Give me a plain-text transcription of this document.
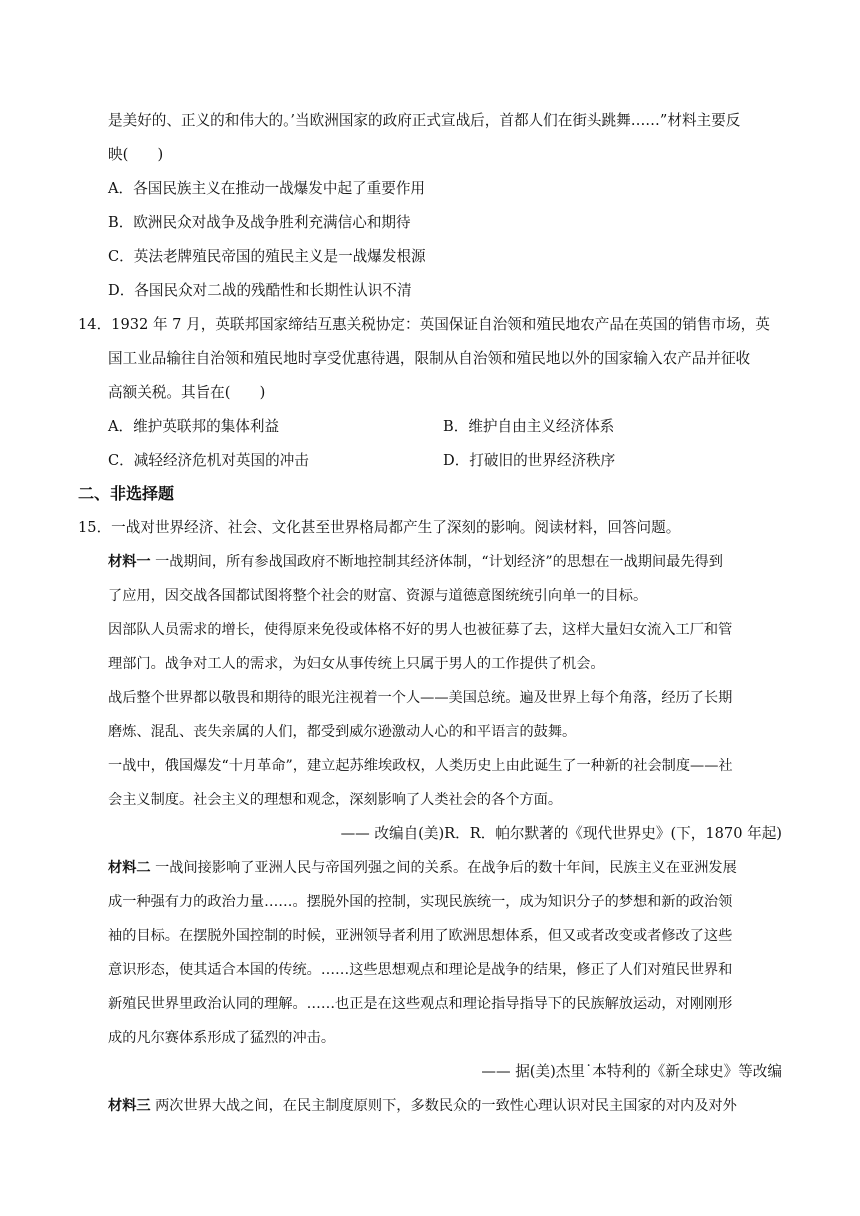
是美好的、正义的和伟大的。’当欧洲国家的政府正式宣战后，首都人们在街头跳舞……”材料主要反
映(　　)
A．各国民族主义在推动一战爆发中起了重要作用
B．欧洲民众对战争及战争胜利充满信心和期待
C．英法老牌殖民帝国的殖民主义是一战爆发根源
D．各国民众对二战的残酷性和长期性认识不清
14．1932 年 7 月，英联邦国家缔结互惠关税协定：英国保证自治领和殖民地农产品在英国的销售市场，英
国工业品输往自治领和殖民地时享受优惠待遇，限制从自治领和殖民地以外的国家输入农产品并征收
高额关税。其旨在(　　)
A．维护英联邦的集体利益	B．维护自由主义经济体系
C．减轻经济危机对英国的冲击	D．打破旧的世界经济秩序
二、非选择题
15．一战对世界经济、社会、文化甚至世界格局都产生了深刻的影响。阅读材料，回答问题。
材料一 一战期间，所有参战国政府不断地控制其经济体制，“计划经济”的思想在一战期间最先得到
了应用，因交战各国都试图将整个社会的财富、资源与道德意图统统引向单一的目标。
因部队人员需求的增长，使得原来免役或体格不好的男人也被征募了去，这样大量妇女流入工厂和管
理部门。战争对工人的需求，为妇女从事传统上只属于男人的工作提供了机会。
战后整个世界都以敬畏和期待的眼光注视着一个人——美国总统。遍及世界上每个角落，经历了长期
磨炼、混乱、丧失亲属的人们，都受到威尔逊激动人心的和平语言的鼓舞。
一战中，俄国爆发“十月革命”，建立起苏维埃政权，人类历史上由此诞生了一种新的社会制度——社
会主义制度。社会主义的理想和观念，深刻影响了人类社会的各个方面。
—— 改编自(美)R．R．帕尔默著的《现代世界史》(下，1870 年起)
材料二 一战间接影响了亚洲人民与帝国列强之间的关系。在战争后的数十年间，民族主义在亚洲发展
成一种强有力的政治力量……。摆脱外国的控制，实现民族统一，成为知识分子的梦想和新的政治领
袖的目标。在摆脱外国控制的时候，亚洲领导者利用了欧洲思想体系，但又或者改变或者修改了这些
意识形态，使其适合本国的传统。……这些思想观点和理论是战争的结果，修正了人们对殖民世界和
新殖民世界里政治认同的理解。……也正是在这些观点和理论指导指导下的民族解放运动，对刚刚形
成的凡尔赛体系形成了猛烈的冲击。
—— 据(美)杰里˙本特利的《新全球史》等改编
材料三 两次世界大战之间，在民主制度原则下，多数民众的一致性心理认识对民主国家的对内及对外
